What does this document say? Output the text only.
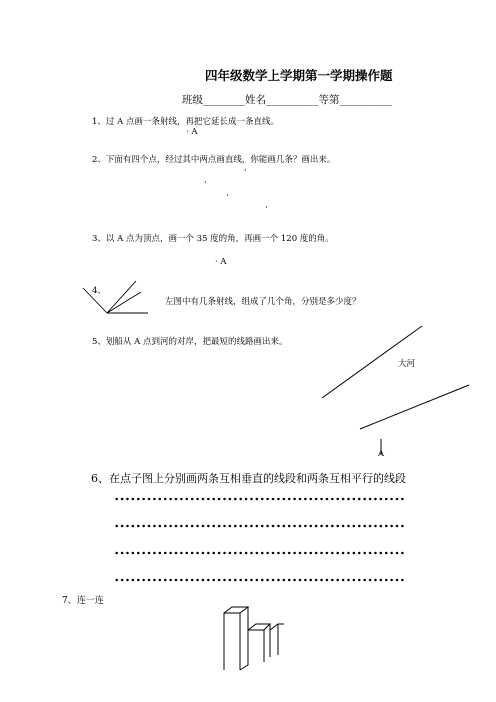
四年级数学上学期第一学期操作题
班级________姓名__________等第__________
1、过 A 点画一条射线，再把它延长成一条直线。
· A
2、下面有四个点，经过其中两点画直线，你能画几条？画出来。
·
·
·
·
3、以 A 点为顶点，画一个 35 度的角，再画一个 120 度的角。
· A
4、
左图中有几条射线，组成了几个角，分别是多少度？
5、划船从 A 点到河的对岸，把最短的线路画出来。
大河
A
6、在点子图上分别画两条互相垂直的线段和两条互相平行的线段
7、连一连
